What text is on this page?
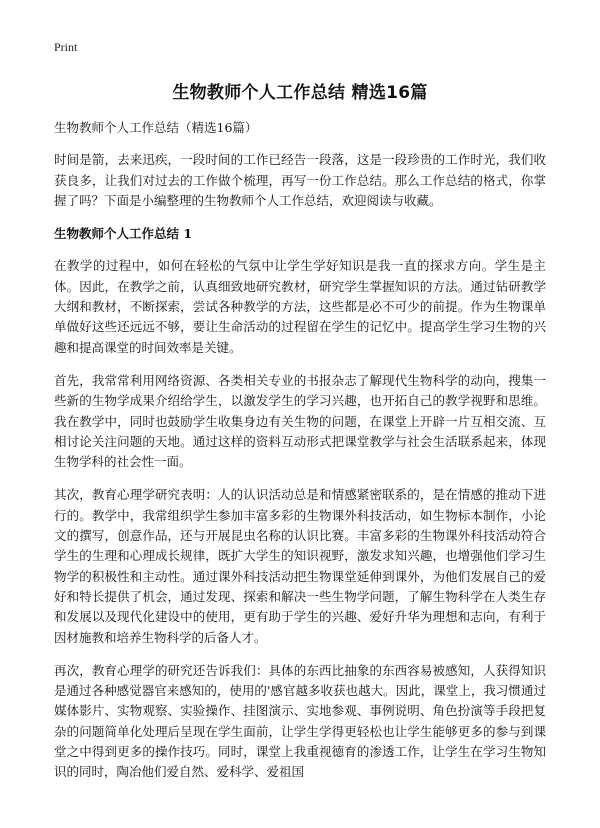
Print
生物教师个人工作总结 精选16篇

生物教师个人工作总结（精选16篇）

时间是箭，去来迅疾，一段时间的工作已经告一段落，这是一段珍贵的工作时光，我们收获良多，让我们对过去的工作做个梳理，再写一份工作总结。那么工作总结的格式，你掌握了吗？下面是小编整理的生物教师个人工作总结，欢迎阅读与收藏。

生物教师个人工作总结 1

在教学的过程中，如何在轻松的气氛中让学生学好知识是我一直的探求方向。学生是主体。因此，在教学之前，认真细致地研究教材，研究学生掌握知识的方法。通过钻研教学大纲和教材，不断探索，尝试各种教学的方法，这些都是必不可少的前提。作为生物课单单做好这些还远远不够，要让生命活动的过程留在学生的记忆中。提高学生学习生物的兴趣和提高课堂的时间效率是关键。

首先，我常常利用网络资源、各类相关专业的书报杂志了解现代生物科学的动向，搜集一些新的生物学成果介绍给学生，以激发学生的学习兴趣，也开拓自己的教学视野和思维。我在教学中，同时也鼓励学生收集身边有关生物的问题，在课堂上开辟一片互相交流、互相讨论关注问题的天地。通过这样的资料互动形式把课堂教学与社会生活联系起来，体现生物学科的社会性一面。

其次，教育心理学研究表明：人的认识活动总是和情感紧密联系的，是在情感的推动下进行的。教学中，我常组织学生参加丰富多彩的生物课外科技活动，如生物标本制作，小论文的撰写，创意作品，还与开展昆虫名称的认识比赛。丰富多彩的生物课外科技活动符合学生的生理和心理成长规律，既扩大学生的知识视野，激发求知兴趣，也增强他们学习生物学的积极性和主动性。通过课外科技活动把生物课堂延伸到课外，为他们发展自己的爱好和特长提供了机会，通过发现、探索和解决一些生物学问题，了解生物科学在人类生存和发展以及现代化建设中的使用，更有助于学生的兴趣、爱好升华为理想和志向，有利于因材施教和培养生物科学的后备人才。

再次，教育心理学的研究还告诉我们：具体的东西比抽象的东西容易被感知，人获得知识是通过各种感觉器官来感知的，使用的'感官越多收获也越大。因此，课堂上，我习惯通过媒体影片、实物观察、实验操作、挂图演示、实地参观、事例说明、角色扮演等手段把复杂的问题简单化处理后呈现在学生面前，让学生学得更轻松也让学生能够更多的参与到课堂之中得到更多的操作技巧。同时，课堂上我重视德育的渗透工作，让学生在学习生物知识的同时，陶冶他们爱自然、爱科学、爱祖国
